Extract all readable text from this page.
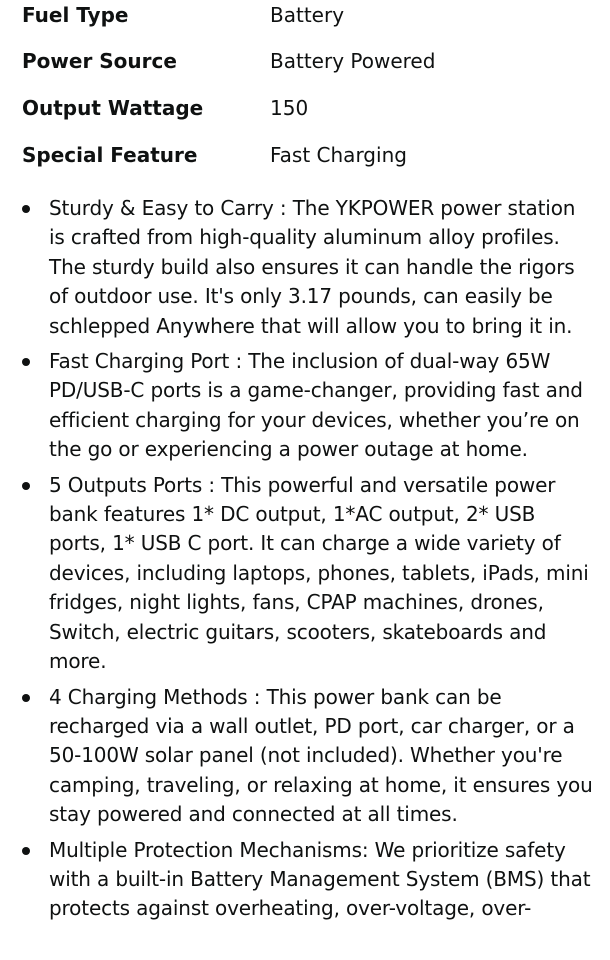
Fuel Type	Battery
Power Source	Battery Powered
Output Wattage	150
Special Feature	Fast Charging
Sturdy & Easy to Carry : The YKPOWER power station is crafted from high-quality aluminum alloy profiles. The sturdy build also ensures it can handle the rigors of outdoor use. It's only 3.17 pounds, can easily be schlepped Anywhere that will allow you to bring it in.
Fast Charging Port : The inclusion of dual-way 65W PD/USB-C ports is a game-changer, providing fast and efficient charging for your devices, whether you’re on the go or experiencing a power outage at home.
5 Outputs Ports : This powerful and versatile power bank features 1* DC output, 1*AC output, 2* USB ports, 1* USB C port. It can charge a wide variety of devices, including laptops, phones, tablets, iPads, mini fridges, night lights, fans, CPAP machines, drones, Switch, electric guitars, scooters, skateboards and more.
4 Charging Methods : This power bank can be recharged via a wall outlet, PD port, car charger, or a 50-100W solar panel (not included). Whether you're camping, traveling, or relaxing at home, it ensures you stay powered and connected at all times.
Multiple Protection Mechanisms: We prioritize safety with a built-in Battery Management System (BMS) that protects against overheating, over-voltage, over-
